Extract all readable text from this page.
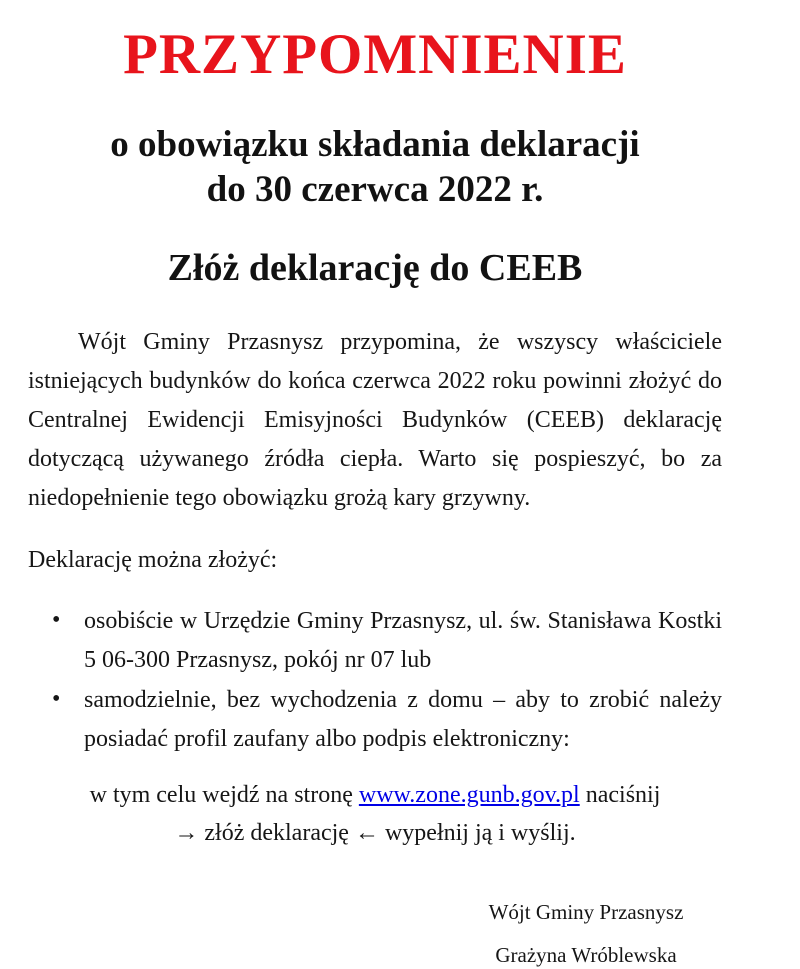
PRZYPOMNIENIE
o obowiązku składania deklaracji
do 30 czerwca 2022 r.
Złóż deklarację do CEEB

Wójt Gminy Przasnysz przypomina, że wszyscy właściciele istniejących budynków do końca czerwca 2022 roku powinni złożyć do Centralnej Ewidencji Emisyjności Budynków (CEEB) deklarację dotyczącą używanego źródła ciepła. Warto się pospieszyć, bo za niedopełnienie tego obowiązku grożą kary grzywny.

Deklarację można złożyć:

• osobiście w Urzędzie Gminy Przasnysz, ul. św. Stanisława Kostki 5 06-300 Przasnysz, pokój nr 07 lub
• samodzielnie, bez wychodzenia z domu – aby to zrobić należy posiadać profil zaufany albo podpis elektroniczny:
w tym celu wejdź na stronę www.zone.gunb.gov.pl naciśnij
→ złóż deklarację ← wypełnij ją i wyślij.
Wójt Gminy Przasnysz
Grażyna Wróblewska
